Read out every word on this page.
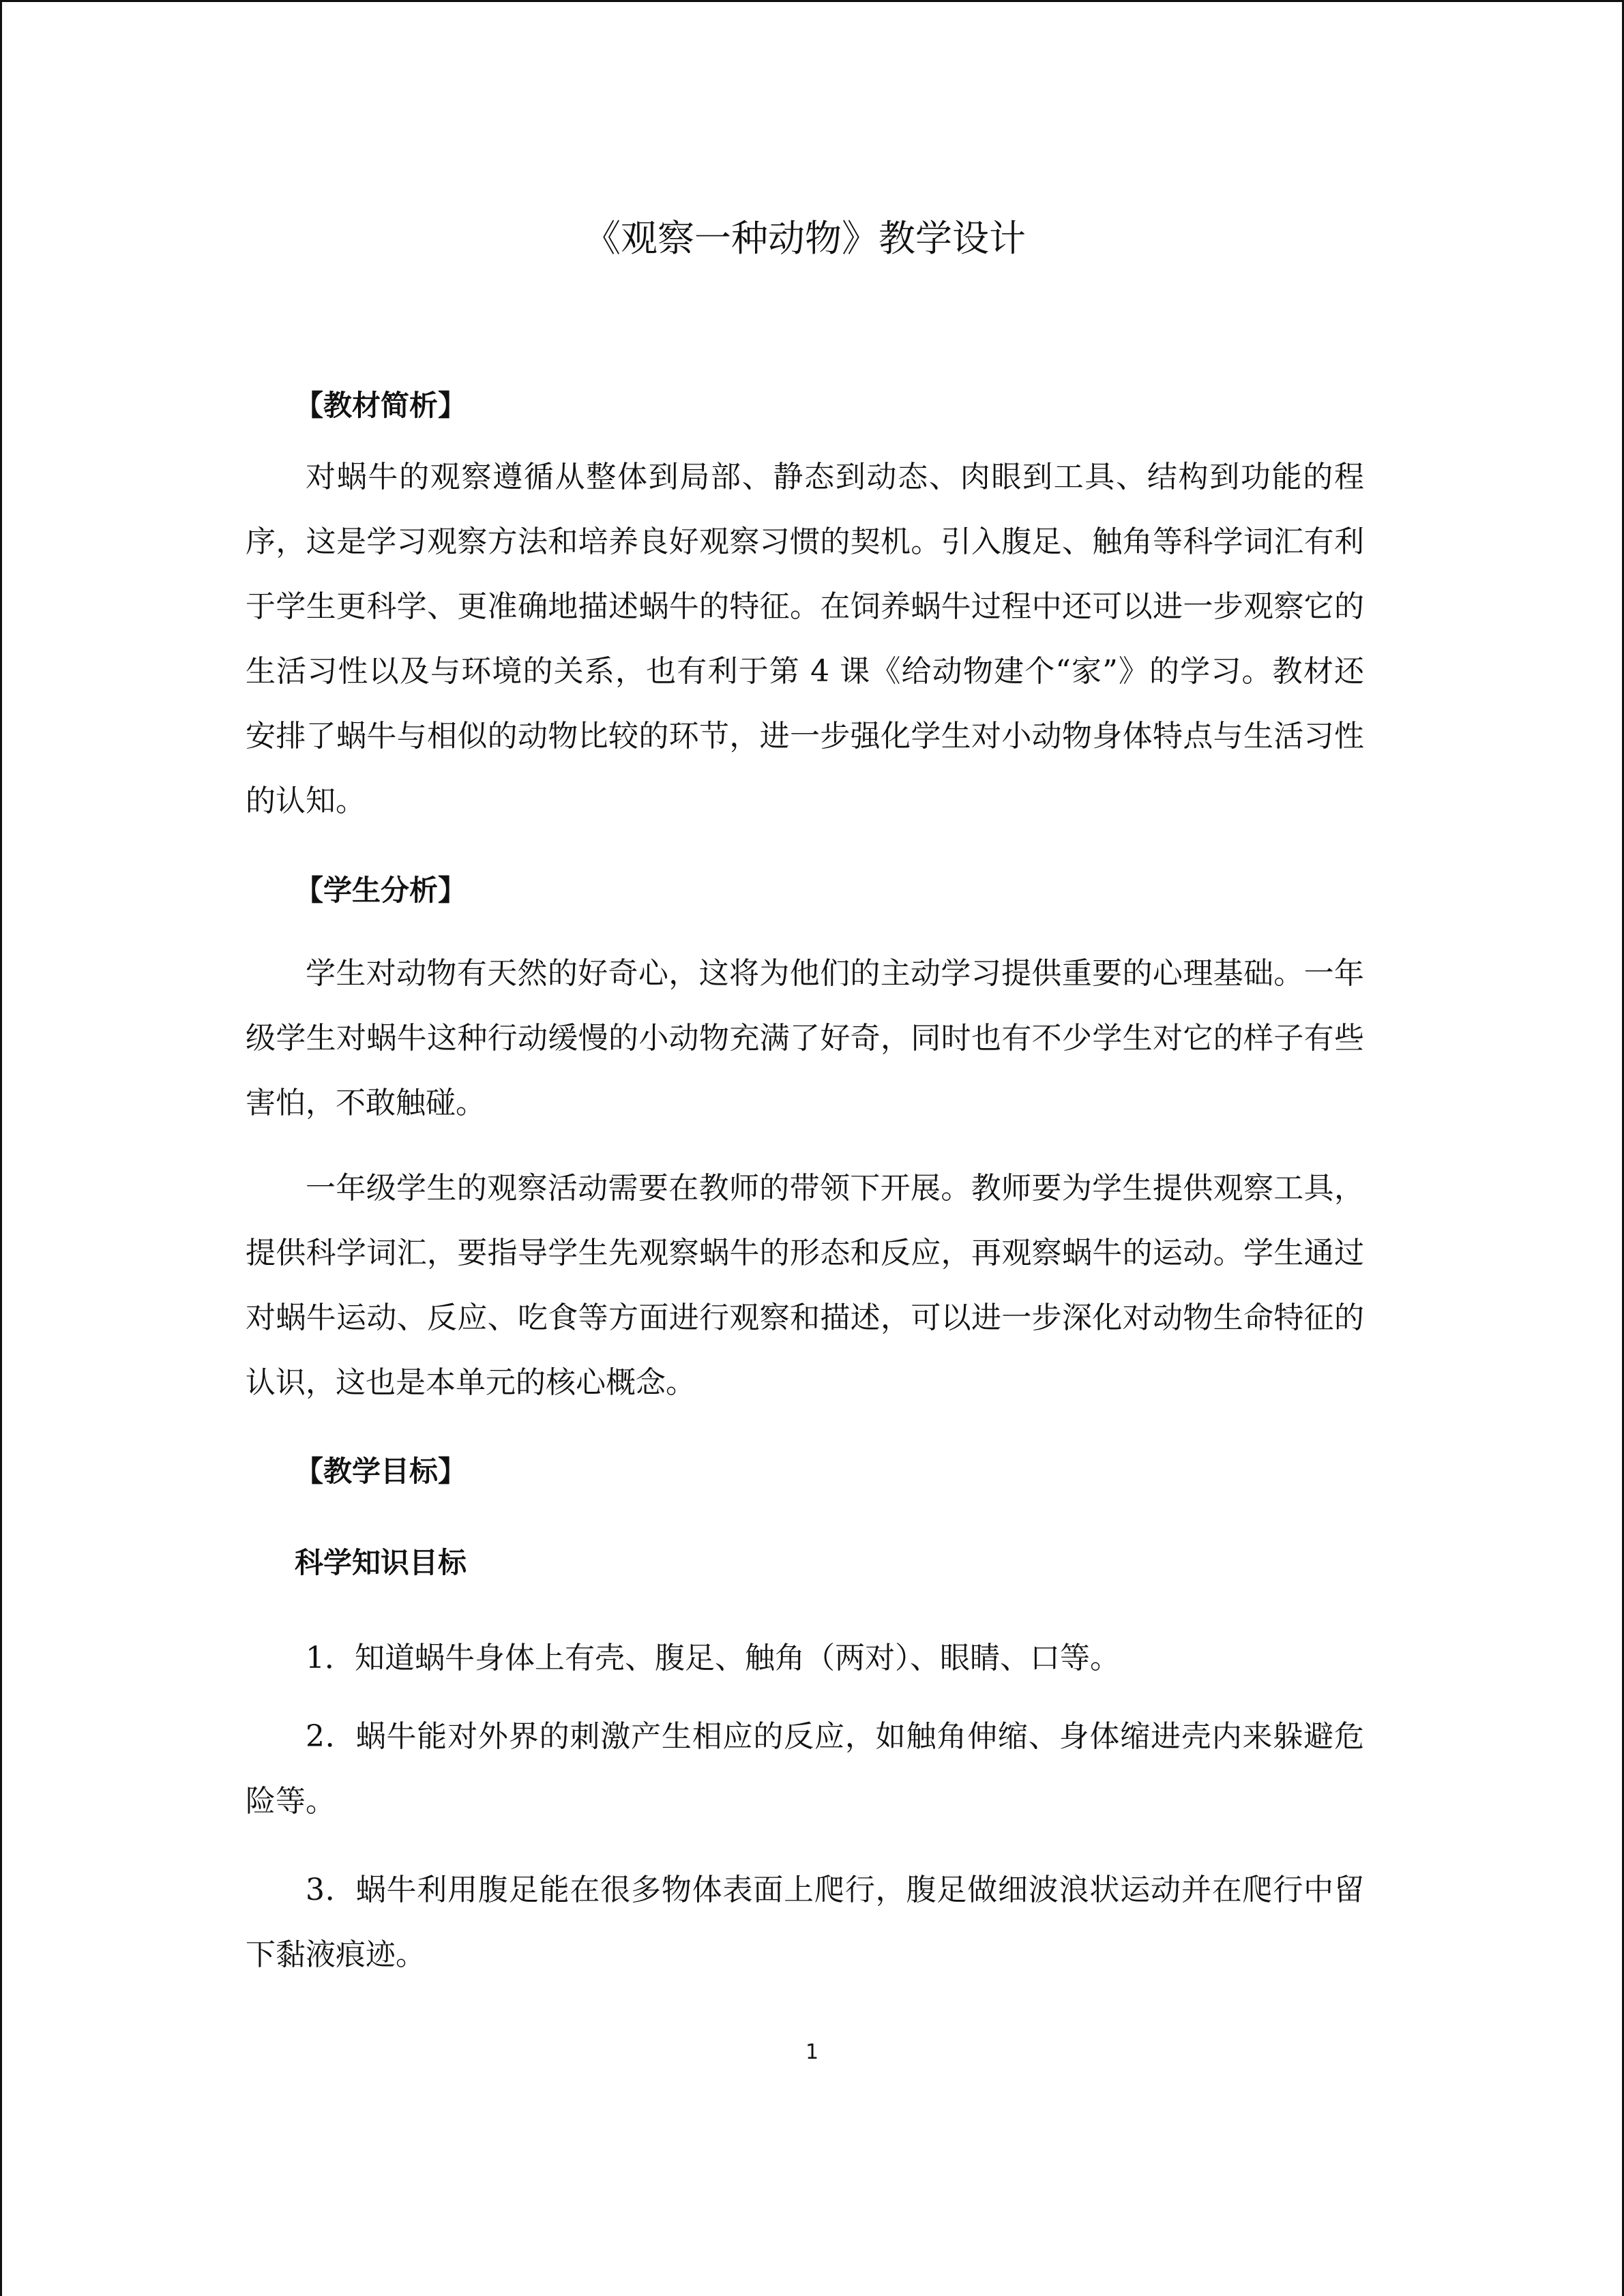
《观察一种动物》教学设计
【教材简析】

对蜗牛的观察遵循从整体到局部、静态到动态、肉眼到工具、结构到功能的程序，这是学习观察方法和培养良好观察习惯的契机。引入腹足、触角等科学词汇有利于学生更科学、更准确地描述蜗牛的特征。在饲养蜗牛过程中还可以进一步观察它的生活习性以及与环境的关系，也有利于第 4 课《给动物建个“家”》的学习。教材还安排了蜗牛与相似的动物比较的环节，进一步强化学生对小动物身体特点与生活习性的认知。

【学生分析】

学生对动物有天然的好奇心，这将为他们的主动学习提供重要的心理基础。一年级学生对蜗牛这种行动缓慢的小动物充满了好奇，同时也有不少学生对它的样子有些害怕，不敢触碰。

一年级学生的观察活动需要在教师的带领下开展。教师要为学生提供观察工具，提供科学词汇，要指导学生先观察蜗牛的形态和反应，再观察蜗牛的运动。学生通过对蜗牛运动、反应、吃食等方面进行观察和描述，可以进一步深化对动物生命特征的认识，这也是本单元的核心概念。

【教学目标】
科学知识目标

1．知道蜗牛身体上有壳、腹足、触角（两对）、眼睛、口等。

2．蜗牛能对外界的刺激产生相应的反应，如触角伸缩、身体缩进壳内来躲避危险等。

3．蜗牛利用腹足能在很多物体表面上爬行，腹足做细波浪状运动并在爬行中留下黏液痕迹。

1
